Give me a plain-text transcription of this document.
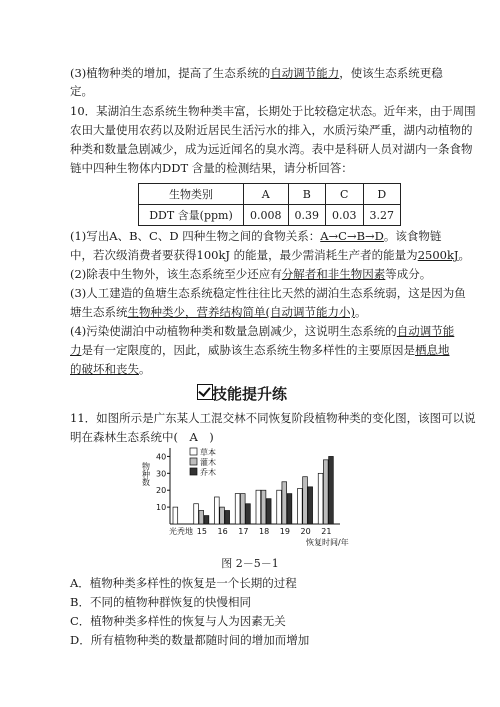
(3)植物种类的增加，提高了生态系统的自动调节能力，使该生态系统更稳
定。
10．某湖泊生态系统生物种类丰富，长期处于比较稳定状态。近年来，由于周围
农田大量使用农药以及附近居民生活污水的排入，水质污染严重，湖内动植物的
种类和数量急剧减少，成为远近闻名的臭水湾。表中是科研人员对湖内一条食物
链中四种生物体内DDT 含量的检测结果，请分析回答：
生物类别	A	B	C	D
DDT 含量(ppm)	0.008	0.39	0.03	3.27
(1)写出A、B、C、D 四种生物之间的食物关系：A→C→B→D。该食物链
中，若次级消费者要获得100kJ 的能量，最少需消耗生产者的能量为2500kJ。
(2)除表中生物外，该生态系统至少还应有分解者和非生物因素等成分。
(3)人工建造的鱼塘生态系统稳定性往往比天然的湖泊生态系统弱，这是因为鱼
塘生态系统生物种类少，营养结构简单(自动调节能力小)。
(4)污染使湖泊中动植物种类和数量急剧减少，这说明生态系统的自动调节能
力是有一定限度的，因此，威胁该生态系统生物多样性的主要原因是栖息地
的破坏和丧失。
技能提升练
11．如图所示是广东某人工混交林不同恢复阶段植物种类的变化图，该图可以说
明在森林生态系统中(　A　)
物种数
10
20
30
40
光秃地 15 16 17 18 19 20 21
恢复时间/年
草本
灌木
乔木
图 2－5－1
A．植物种类多样性的恢复是一个长期的过程
B．不同的植物种群恢复的快慢相同
C．植物种类多样性的恢复与人为因素无关
D．所有植物种类的数量都随时间的增加而增加
